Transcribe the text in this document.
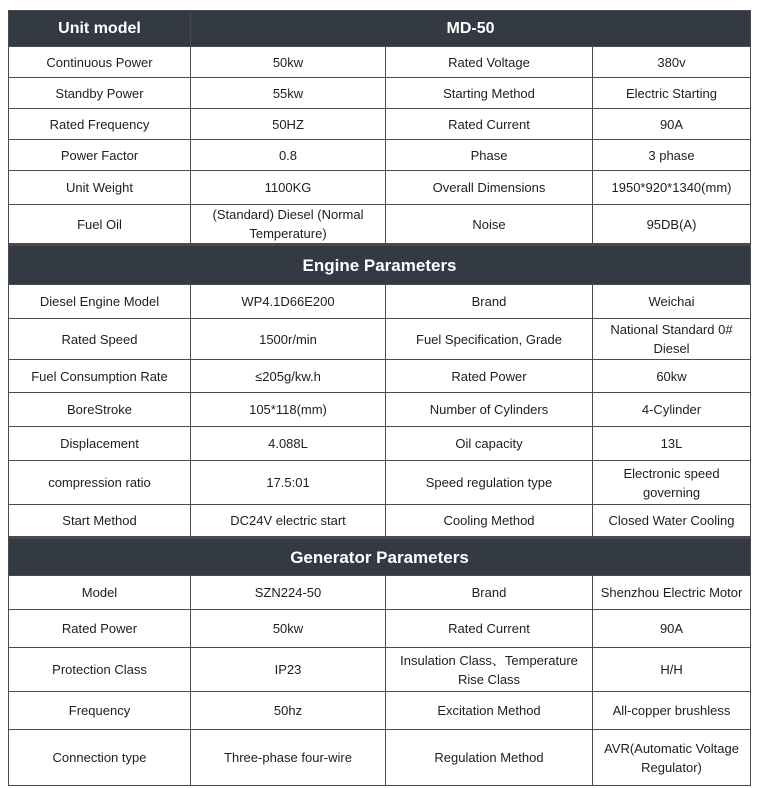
Unit model	MD-50		
Continuous Power	50kw	Rated Voltage	380v
Standby Power	55kw	Starting Method	Electric Starting
Rated Frequency	50HZ	Rated Current	90A
Power Factor	0.8	Phase	3 phase
Unit Weight	1100KG	Overall Dimensions	1950*920*1340(mm)
Fuel Oil	(Standard) Diesel (Normal Temperature)	Noise	95DB(A)
Engine Parameters			
Diesel Engine Model	WP4.1D66E200	Brand	Weichai
Rated Speed	1500r/min	Fuel Specification, Grade	National Standard 0# Diesel
Fuel Consumption Rate	≤205g/kw.h	Rated Power	60kw
BoreStroke	105*118(mm)	Number of Cylinders	4-Cylinder
Displacement	4.088L	Oil capacity	13L
compression ratio	17.5:01	Speed regulation type	Electronic speed governing
Start Method	DC24V electric start	Cooling Method	Closed Water Cooling
Generator Parameters			
Model	SZN224-50	Brand	Shenzhou Electric Motor
Rated Power	50kw	Rated Current	90A
Protection Class	IP23	Insulation Class、Temperature Rise Class	H/H
Frequency	50hz	Excitation Method	All-copper brushless
Connection type	Three-phase four-wire	Regulation Method	AVR(Automatic Voltage Regulator)
